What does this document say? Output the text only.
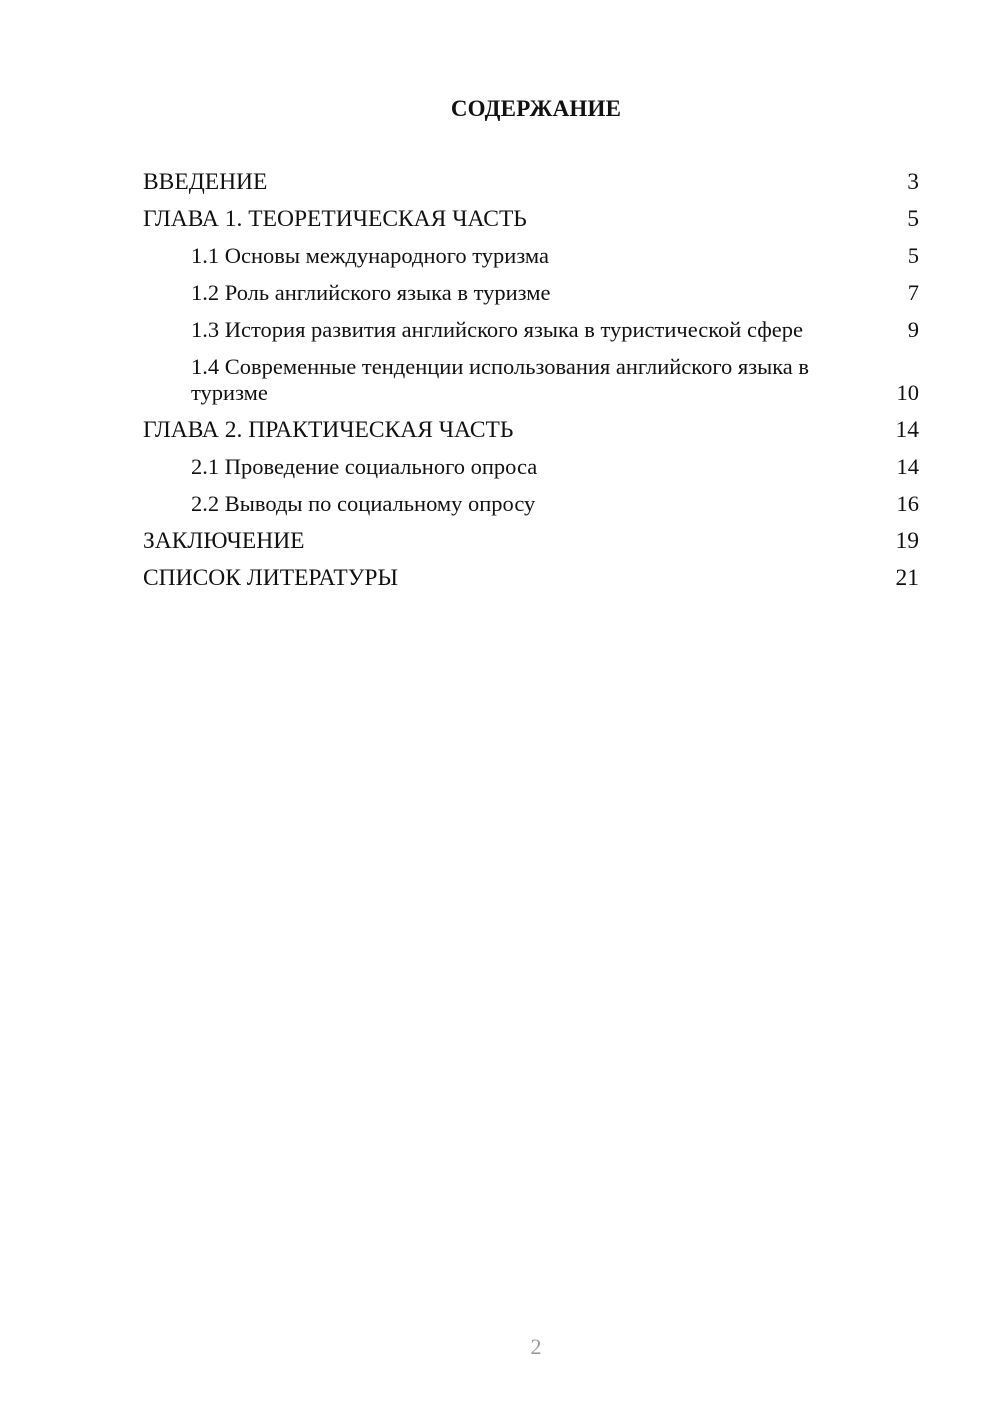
СОДЕРЖАНИЕ
ВВЕДЕНИЕ	3
ГЛАВА 1. ТЕОРЕТИЧЕСКАЯ ЧАСТЬ	5
1.1 Основы международного туризма	5
1.2 Роль английского языка в туризме	7
1.3 История развития английского языка в туристической сфере	9
1.4 Современные тенденции использования английского языка в туризме	10
ГЛАВА 2. ПРАКТИЧЕСКАЯ ЧАСТЬ	14
2.1 Проведение социального опроса	14
2.2 Выводы по социальному опросу	16
ЗАКЛЮЧЕНИЕ	19
СПИСОК ЛИТЕРАТУРЫ	21
2
